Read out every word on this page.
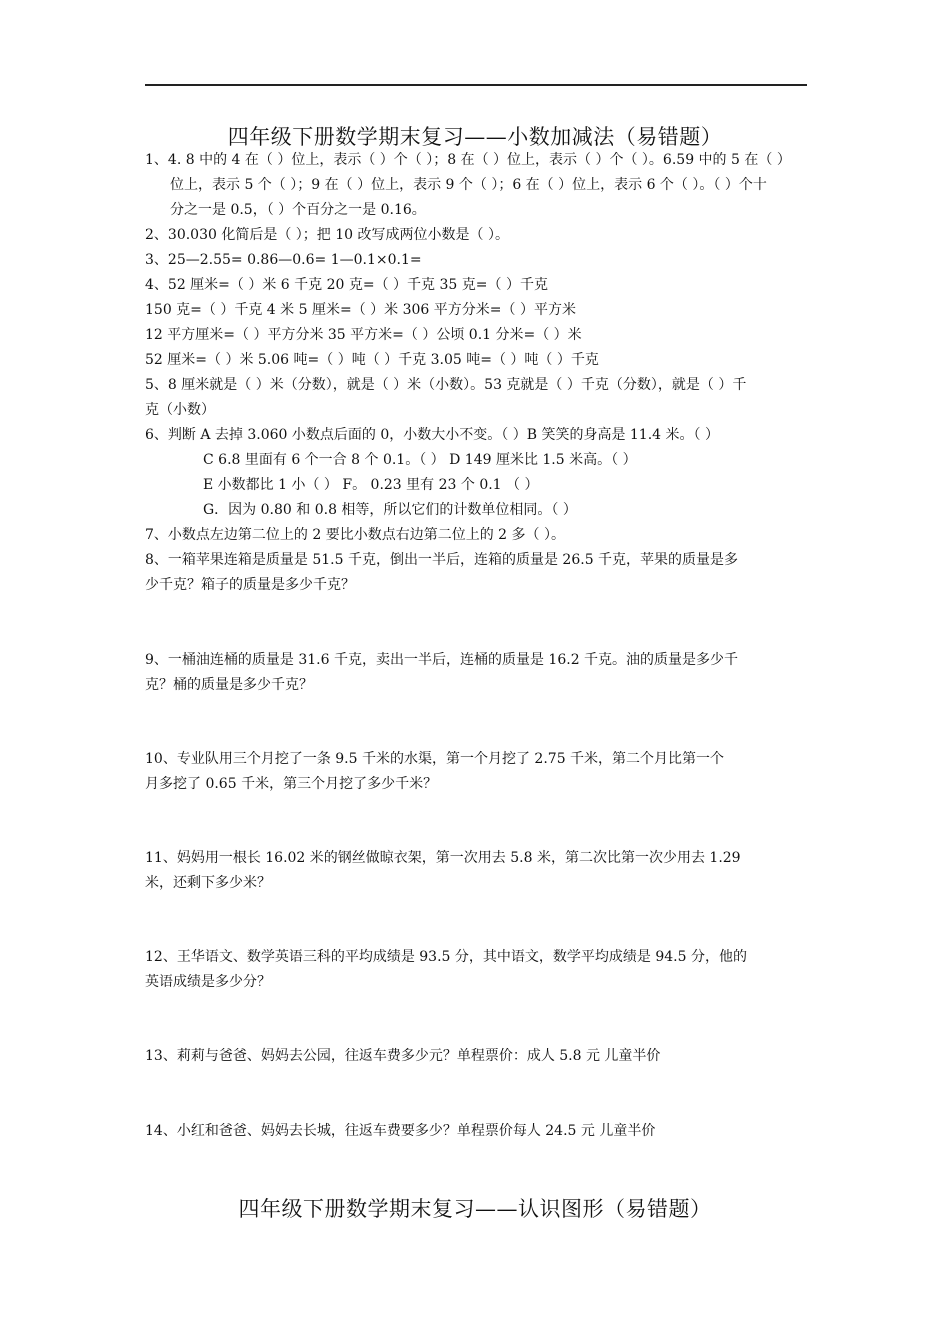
四年级下册数学期末复习——小数加减法（易错题）
1、4. 8 中的 4 在（ ）位上，表示（ ）个（ ）；8 在（ ）位上，表示（ ）个（ ）。6.59 中的 5 在（ ）
位上，表示 5 个（ ）；9 在（ ）位上，表示 9 个（ ）；6 在（ ）位上，表示 6 个（ ）。（ ）个十
分之一是 0.5，（ ）个百分之一是 0.16。
2、30.030 化简后是（ ）；把 10 改写成两位小数是（ ）。
3、25—2.55= 0.86—0.6= 1—0.1×0.1=
4、52 厘米=（ ）米 6 千克 20 克=（ ）千克 35 克=（ ）千克
150 克=（ ）千克 4 米 5 厘米=（ ）米 306 平方分米=（ ）平方米
12 平方厘米=（ ）平方分米 35 平方米=（ ）公顷 0.1 分米=（ ）米
52 厘米=（ ）米 5.06 吨=（ ）吨（ ）千克 3.05 吨=（ ）吨（ ）千克
5、8 厘米就是（ ）米（分数），就是（ ）米（小数）。53 克就是（ ）千克（分数），就是（ ）千
克（小数）
6、判断 A 去掉 3.060 小数点后面的 0，小数大小不变。（ ）B 笑笑的身高是 11.4 米。（ ）
C 6.8 里面有 6 个一合 8 个 0.1。（ ） D 149 厘米比 1.5 米高。（ ）
E 小数都比 1 小（ ） F。 0.23 里有 23 个 0.1 （ ）
G．因为 0.80 和 0.8 相等，所以它们的计数单位相同。（ ）
7、小数点左边第二位上的 2 要比小数点右边第二位上的 2 多（ ）。
8、一箱苹果连箱是质量是 51.5 千克，倒出一半后，连箱的质量是 26.5 千克，苹果的质量是多
少千克？箱子的质量是多少千克？
9、一桶油连桶的质量是 31.6 千克，卖出一半后，连桶的质量是 16.2 千克。油的质量是多少千
克？桶的质量是多少千克？
10、专业队用三个月挖了一条 9.5 千米的水渠，第一个月挖了 2.75 千米，第二个月比第一个
月多挖了 0.65 千米，第三个月挖了多少千米？
11、妈妈用一根长 16.02 米的钢丝做晾衣架，第一次用去 5.8 米，第二次比第一次少用去 1.29
米，还剩下多少米？
12、王华语文、数学英语三科的平均成绩是 93.5 分，其中语文，数学平均成绩是 94.5 分，他的
英语成绩是多少分？
13、莉莉与爸爸、妈妈去公园，往返车费多少元？单程票价：成人 5.8 元 儿童半价
14、小红和爸爸、妈妈去长城，往返车费要多少？单程票价每人 24.5 元 儿童半价
四年级下册数学期末复习——认识图形（易错题）
